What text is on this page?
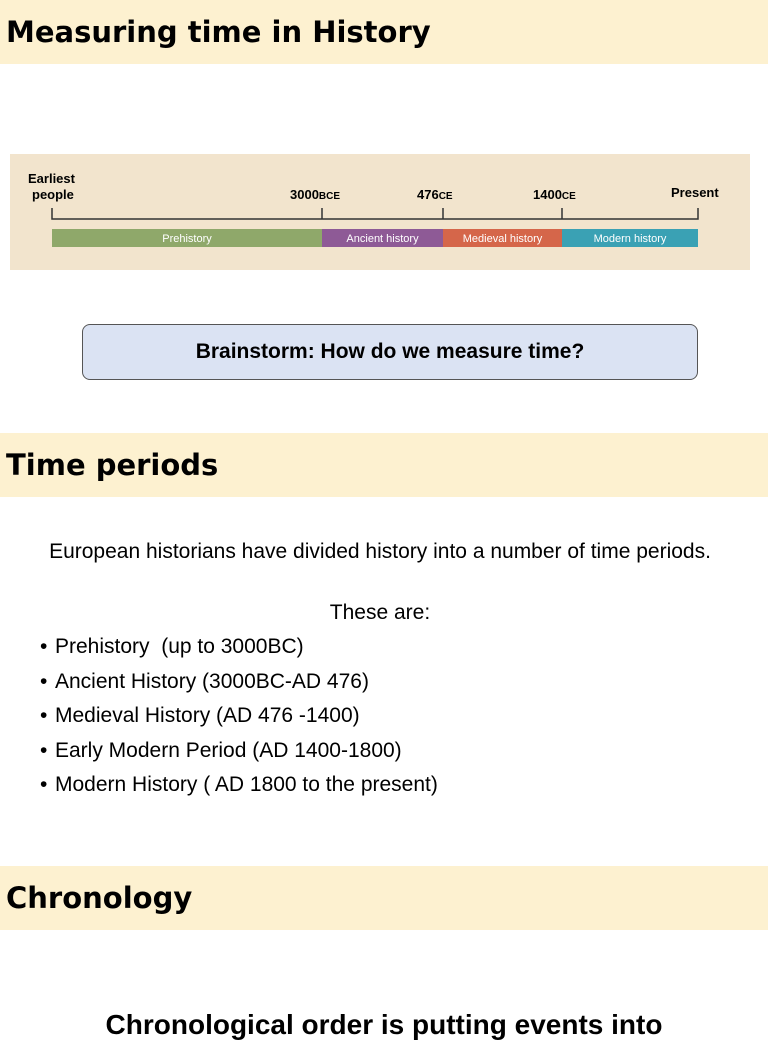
Measuring time in History
Earliest
people	3000BCE	476CE	1400CE	Present
Prehistory	Ancient history	Medieval history	Modern history
Brainstorm: How do we measure time?
Time periods
European historians have divided history into a number of time periods.
These are:
• Prehistory  (up to 3000BC)
• Ancient History (3000BC-AD 476)
• Medieval History (AD 476 -1400)
• Early Modern Period (AD 1400-1800)
• Modern History ( AD 1800 to the present)
Chronology
Chronological order is putting events into
